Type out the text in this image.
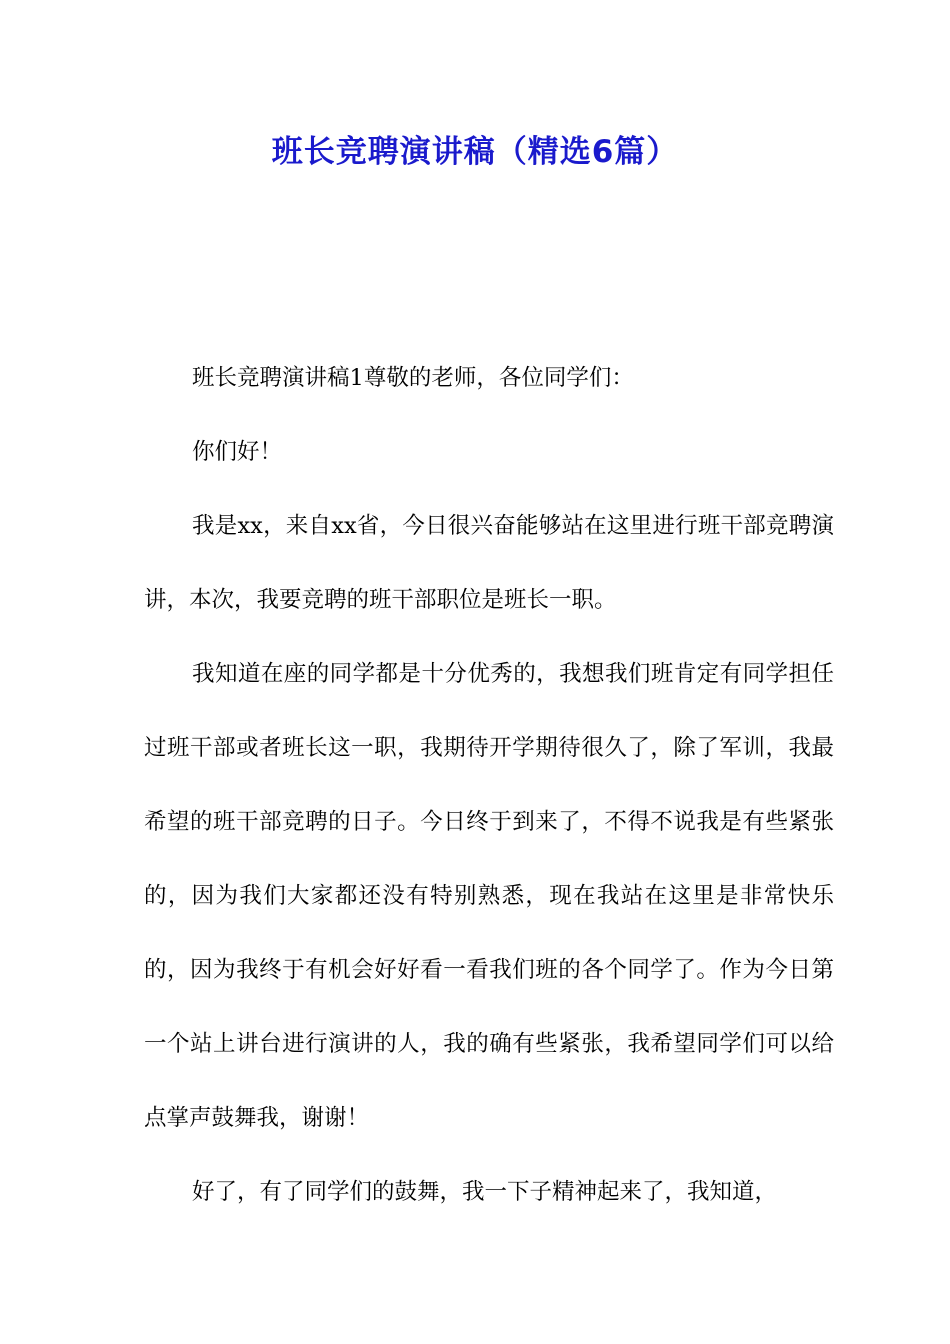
班长竞聘演讲稿（精选6篇）

班长竞聘演讲稿1尊敬的老师，各位同学们：

你们好！

我是xx，来自xx省，今日很兴奋能够站在这里进行班干部竞聘演讲，本次，我要竞聘的班干部职位是班长一职。

我知道在座的同学都是十分优秀的，我想我们班肯定有同学担任过班干部或者班长这一职，我期待开学期待很久了，除了军训，我最希望的班干部竞聘的日子。今日终于到来了，不得不说我是有些紧张的，因为我们大家都还没有特别熟悉，现在我站在这里是非常快乐的，因为我终于有机会好好看一看我们班的各个同学了。作为今日第一个站上讲台进行演讲的人，我的确有些紧张，我希望同学们可以给点掌声鼓舞我，谢谢！

好了，有了同学们的鼓舞，我一下子精神起来了，我知道，
